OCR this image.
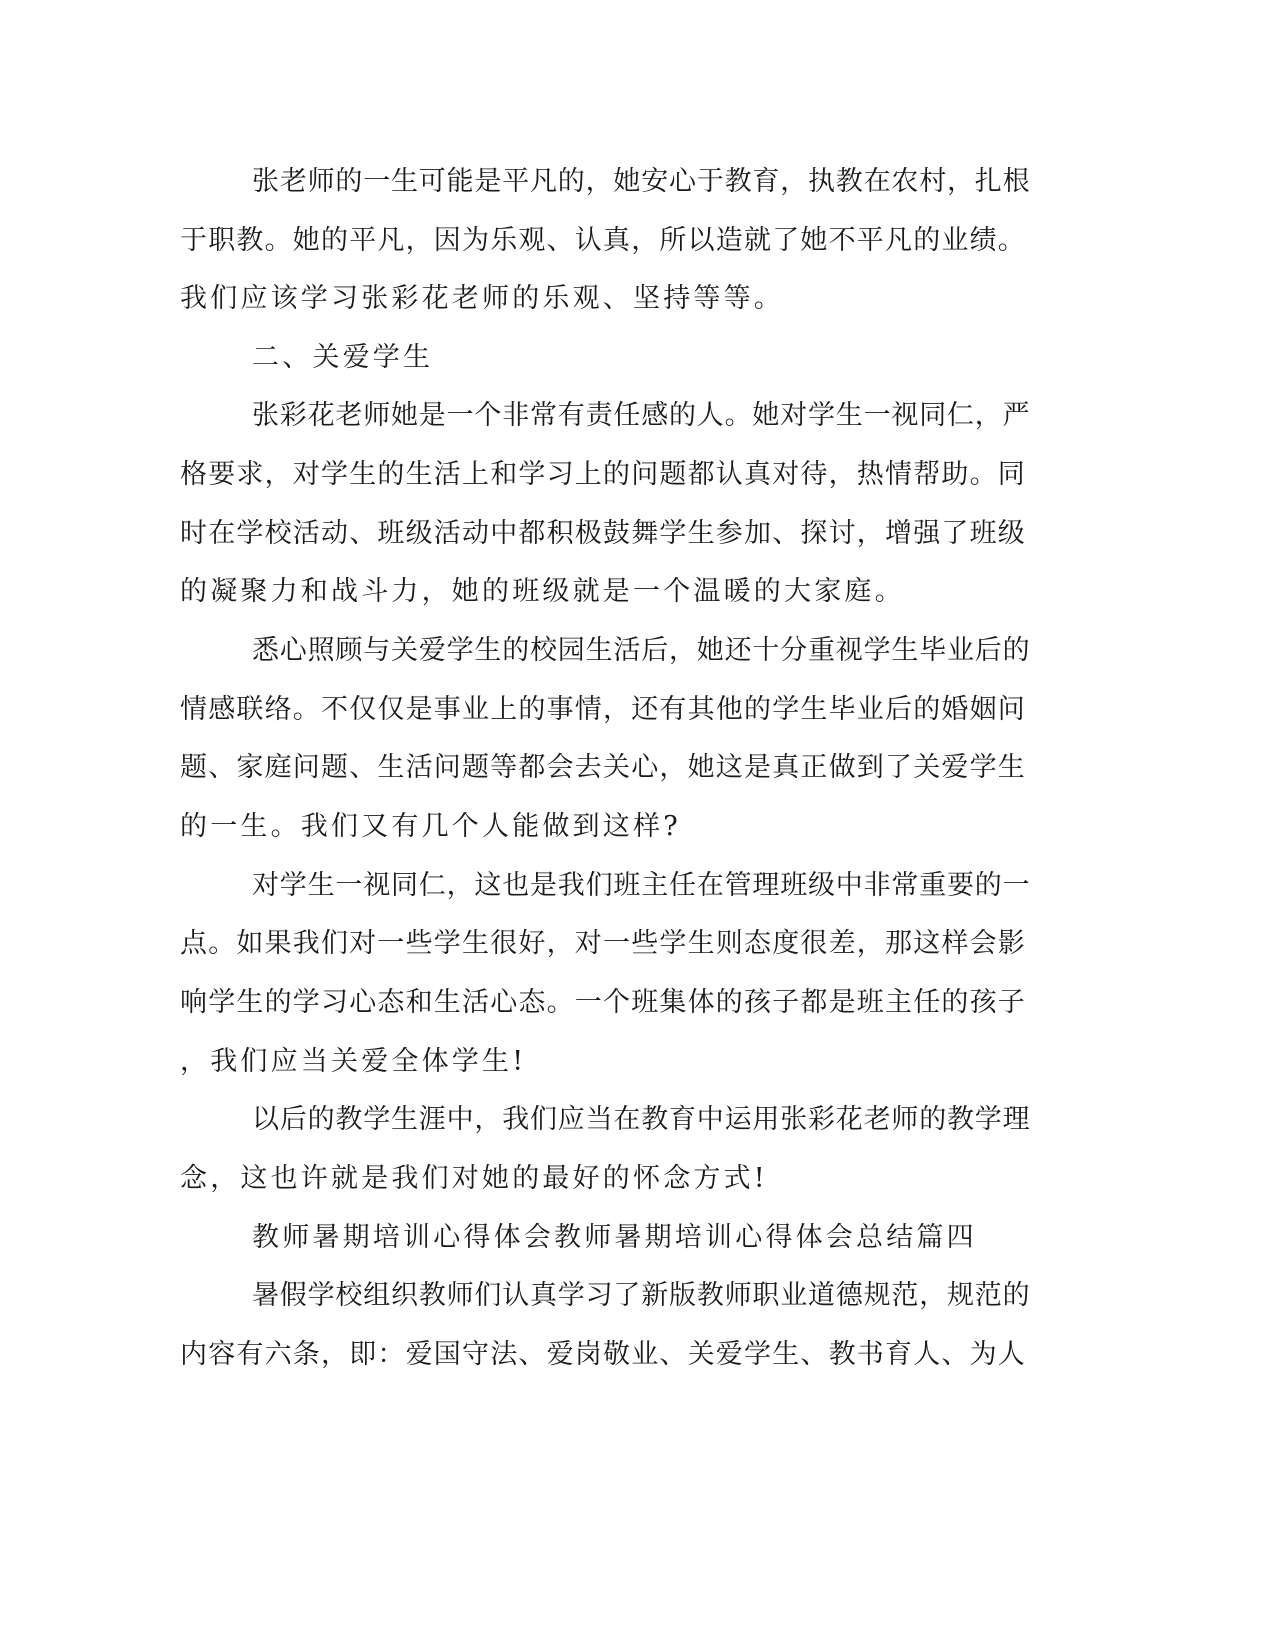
张老师的一生可能是平凡的，她安心于教育，执教在农村，扎根

于职教。她的平凡，因为乐观、认真，所以造就了她不平凡的业绩。

我们应该学习张彩花老师的乐观、坚持等等。

二、关爱学生

张彩花老师她是一个非常有责任感的人。她对学生一视同仁，严

格要求，对学生的生活上和学习上的问题都认真对待，热情帮助。同

时在学校活动、班级活动中都积极鼓舞学生参加、探讨，增强了班级

的凝聚力和战斗力，她的班级就是一个温暖的大家庭。

悉心照顾与关爱学生的校园生活后，她还十分重视学生毕业后的

情感联络。不仅仅是事业上的事情，还有其他的学生毕业后的婚姻问

题、家庭问题、生活问题等都会去关心，她这是真正做到了关爱学生

的一生。我们又有几个人能做到这样?

对学生一视同仁，这也是我们班主任在管理班级中非常重要的一

点。如果我们对一些学生很好，对一些学生则态度很差，那这样会影

响学生的学习心态和生活心态。一个班集体的孩子都是班主任的孩子

，我们应当关爱全体学生!

以后的教学生涯中，我们应当在教育中运用张彩花老师的教学理

念，这也许就是我们对她的最好的怀念方式!

教师暑期培训心得体会教师暑期培训心得体会总结篇四

暑假学校组织教师们认真学习了新版教师职业道德规范，规范的

内容有六条，即：爱国守法、爱岗敬业、关爱学生、教书育人、为人
